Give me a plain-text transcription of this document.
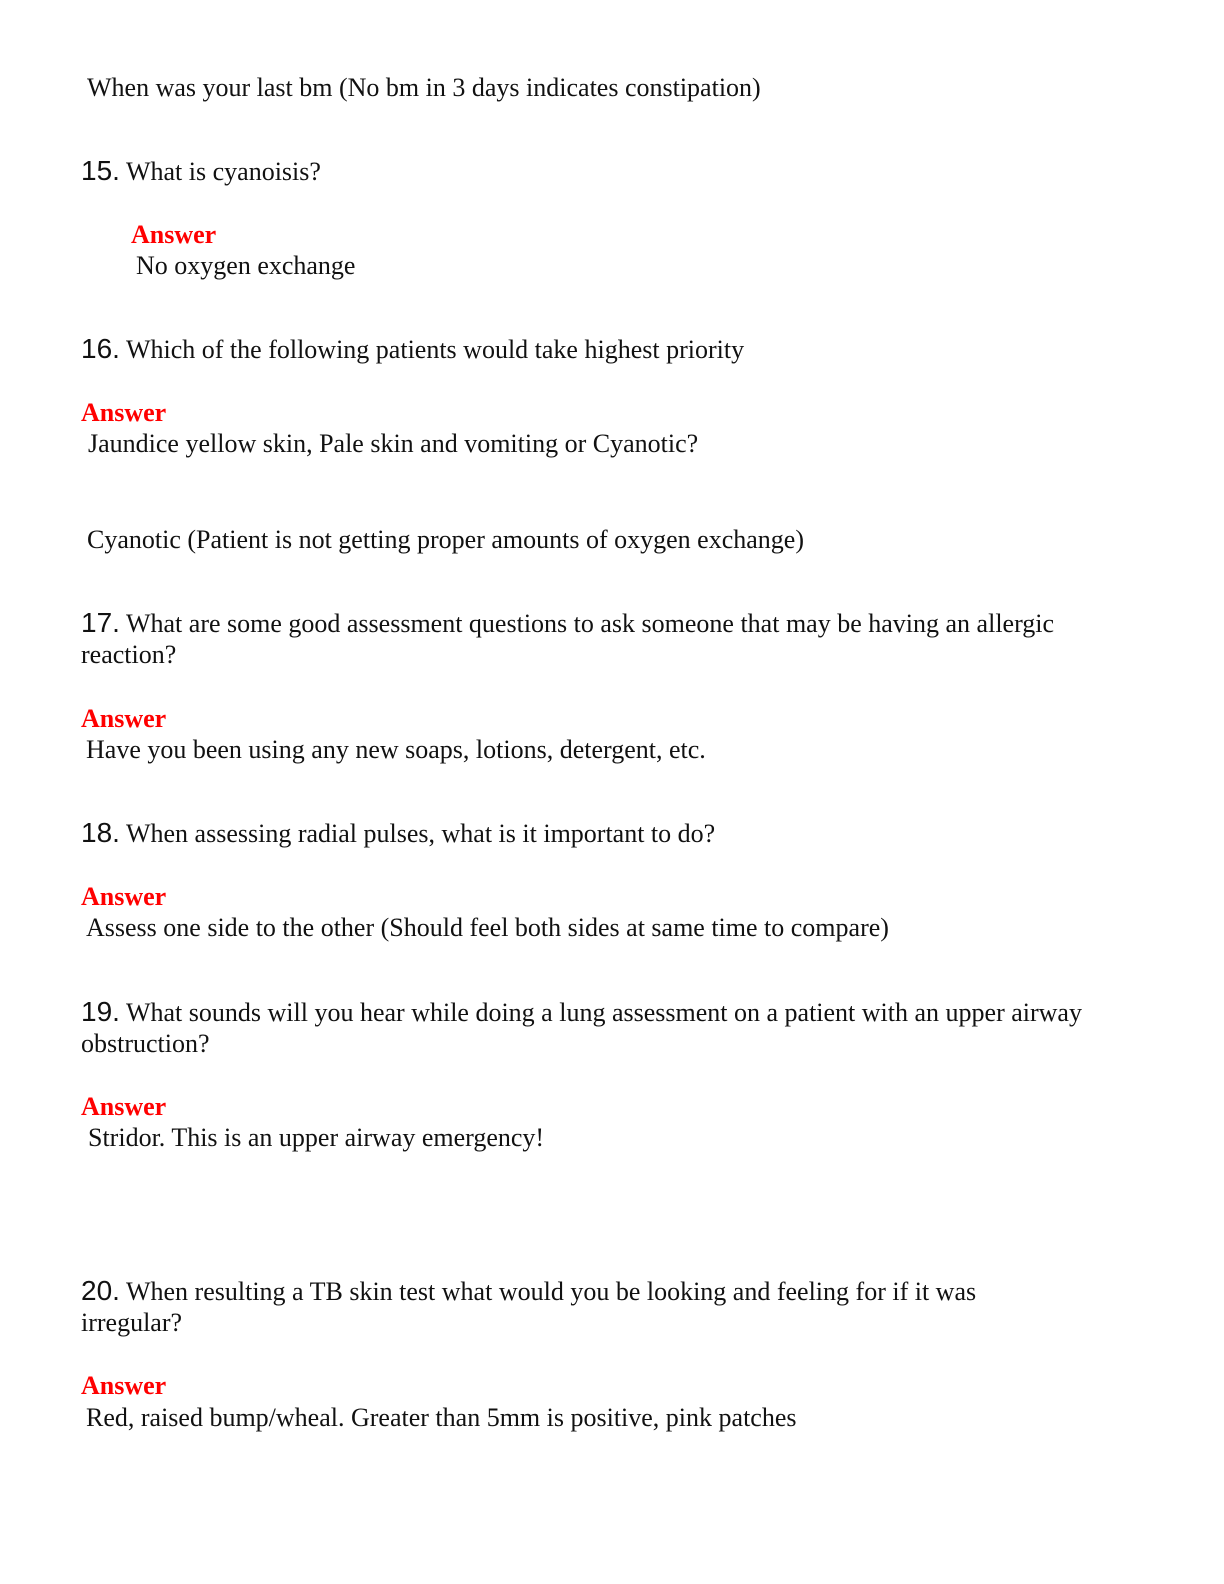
When was your last bm (No bm in 3 days indicates constipation)
15. What is cyanoisis?
Answer
No oxygen exchange
16. Which of the following patients would take highest priority
Answer
Jaundice yellow skin, Pale skin and vomiting or Cyanotic?
Cyanotic (Patient is not getting proper amounts of oxygen exchange)
17. What are some good assessment questions to ask someone that may be having an allergic reaction?
Answer
Have you been using any new soaps, lotions, detergent, etc.
18. When assessing radial pulses, what is it important to do?
Answer
Assess one side to the other (Should feel both sides at same time to compare)
19. What sounds will you hear while doing a lung assessment on a patient with an upper airway obstruction?
Answer
Stridor. This is an upper airway emergency!
20. When resulting a TB skin test what would you be looking and feeling for if it was irregular?
Answer
Red, raised bump/wheal. Greater than 5mm is positive, pink patches
